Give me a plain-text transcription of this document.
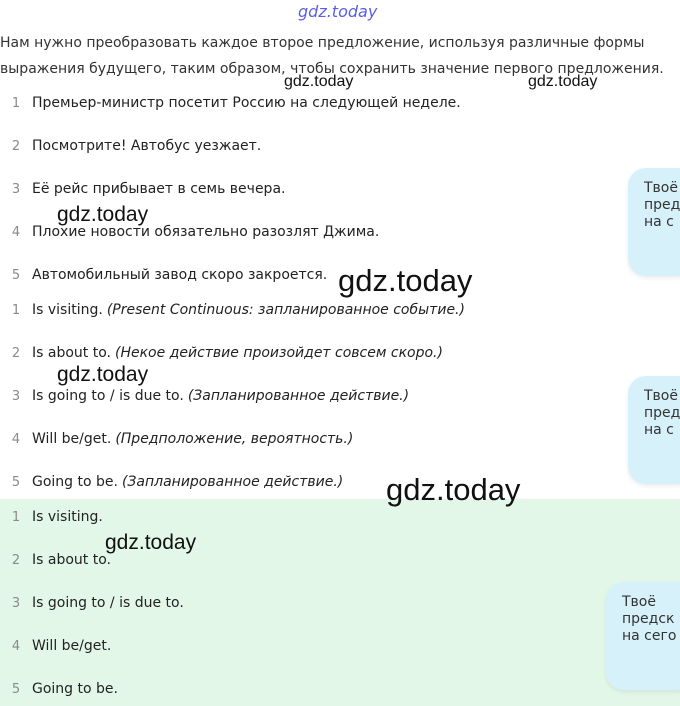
gdz.today
Нам нужно преобразовать каждое второе предложение, используя различные формы
выражения будущего, таким образом, чтобы сохранить значение первого предложения.
1 Премьер-министр посетит Россию на следующей неделе.
2 Посмотрите! Автобус уезжает.
3 Её рейс прибывает в семь вечера.
4 Плохие новости обязательно разозлят Джима.
5 Автомобильный завод скоро закроется.
1 Is visiting. (Present Continuous: запланированное событие.)
2 Is about to. (Некое действие произойдет совсем скоро.)
3 Is going to / is due to. (Запланированное действие.)
4 Will be/get. (Предположение, вероятность.)
5 Going to be. (Запланированное действие.)
1 Is visiting.
2 Is about to.
3 Is going to / is due to.
4 Will be/get.
5 Going to be.
Твоё
пред
на с
Твоё
пред
на с
Твоё
предск
на сего
gdz.today	gdz.today
gdz.today
gdz.today
gdz.today
gdz.today
gdz.today
